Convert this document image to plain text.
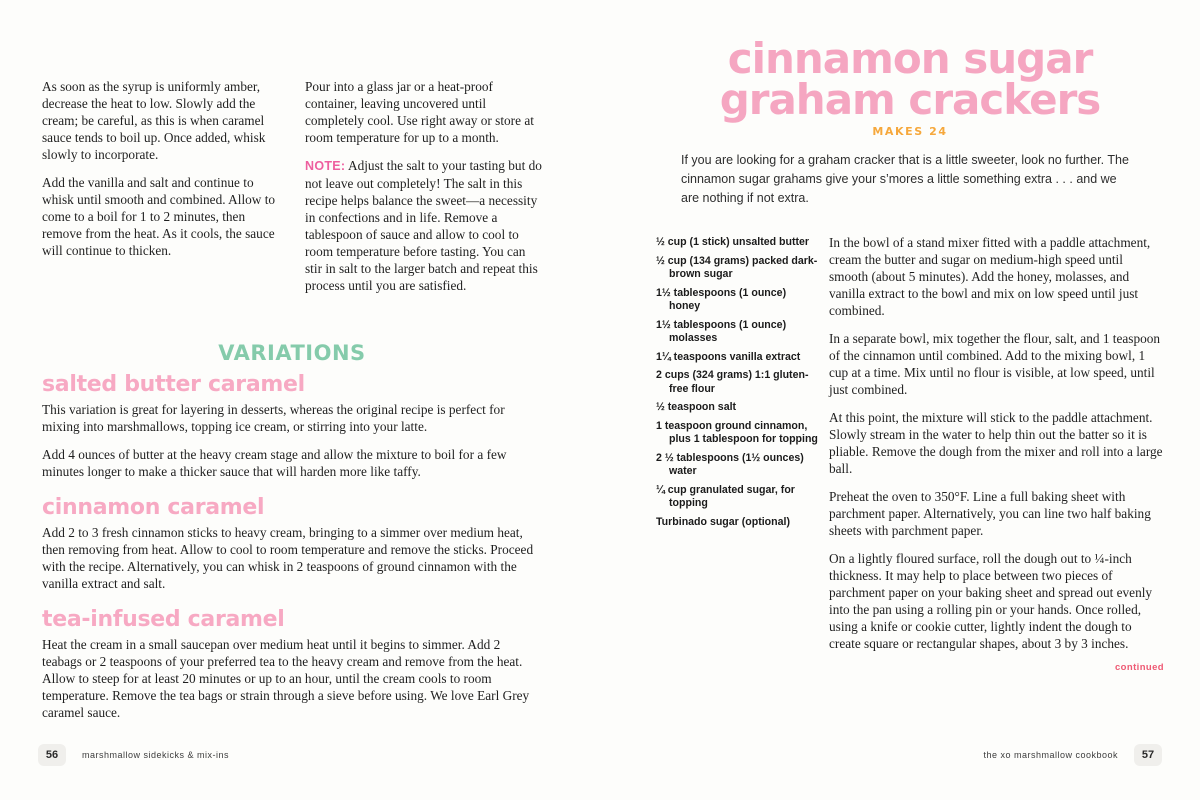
As soon as the syrup is uniformly amber, decrease the heat to low. Slowly add the cream; be careful, as this is when caramel sauce tends to boil up. Once added, whisk slowly to incorporate.

Add the vanilla and salt and continue to whisk until smooth and combined. Allow to come to a boil for 1 to 2 minutes, then remove from the heat. As it cools, the sauce will continue to thicken.

Pour into a glass jar or a heat-proof container, leaving uncovered until completely cool. Use right away or store at room temperature for up to a month.

NOTE: Adjust the salt to your tasting but do not leave out completely! The salt in this recipe helps balance the sweet—a necessity in confections and in life. Remove a tablespoon of sauce and allow to cool to room temperature before tasting. You can stir in salt to the larger batch and repeat this process until you are satisfied.

VARIATIONS
salted butter caramel

This variation is great for layering in desserts, whereas the original recipe is perfect for mixing into marshmallows, topping ice cream, or stirring into your latte.

Add 4 ounces of butter at the heavy cream stage and allow the mixture to boil for a few minutes longer to make a thicker sauce that will harden more like taffy.

cinnamon caramel

Add 2 to 3 fresh cinnamon sticks to heavy cream, bringing to a simmer over medium heat, then removing from heat. Allow to cool to room temperature and remove the sticks. Proceed with the recipe. Alternatively, you can whisk in 2 teaspoons of ground cinnamon with the vanilla extract and salt.

tea-infused caramel

Heat the cream in a small saucepan over medium heat until it begins to simmer. Add 2 teabags or 2 teaspoons of your preferred tea to the heavy cream and remove from the heat. Allow to steep for at least 20 minutes or up to an hour, until the cream cools to room temperature. Remove the tea bags or strain through a sieve before using. We love Earl Grey caramel sauce.

56	marshmallow sidekicks & mix-ins
cinnamon sugar
graham crackers
MAKES 24
If you are looking for a graham cracker that is a little sweeter, look no further. The cinnamon sugar grahams give your s’mores a little something extra . . . and we are nothing if not extra.
½ cup (1 stick) unsalted butter
½ cup (134 grams) packed dark-brown sugar
1½ tablespoons (1 ounce) honey
1½ tablespoons (1 ounce) molasses
1¼ teaspoons vanilla extract
2 cups (324 grams) 1:1 gluten-free flour
½ teaspoon salt
1 teaspoon ground cinnamon, plus 1 tablespoon for topping
2 ½ tablespoons (1½ ounces) water
¼ cup granulated sugar, for topping
Turbinado sugar (optional)

In the bowl of a stand mixer fitted with a paddle attachment, cream the butter and sugar on medium-high speed until smooth (about 5 minutes). Add the honey, molasses, and vanilla extract to the bowl and mix on low speed until just combined.

In a separate bowl, mix together the flour, salt, and 1 teaspoon of the cinnamon until combined. Add to the mixing bowl, 1 cup at a time. Mix until no flour is visible, at low speed, until just combined.

At this point, the mixture will stick to the paddle attachment. Slowly stream in the water to help thin out the batter so it is pliable. Remove the dough from the mixer and roll into a large ball.

Preheat the oven to 350°F. Line a full baking sheet with parchment paper. Alternatively, you can line two half baking sheets with parchment paper.

On a lightly floured surface, roll the dough out to ¼-inch thickness. It may help to place between two pieces of parchment paper on your baking sheet and spread out evenly into the pan using a rolling pin or your hands. Once rolled, using a knife or cookie cutter, lightly indent the dough to create square or rectangular shapes, about 3 by 3 inches.

continued
the xo marshmallow cookbook	57
